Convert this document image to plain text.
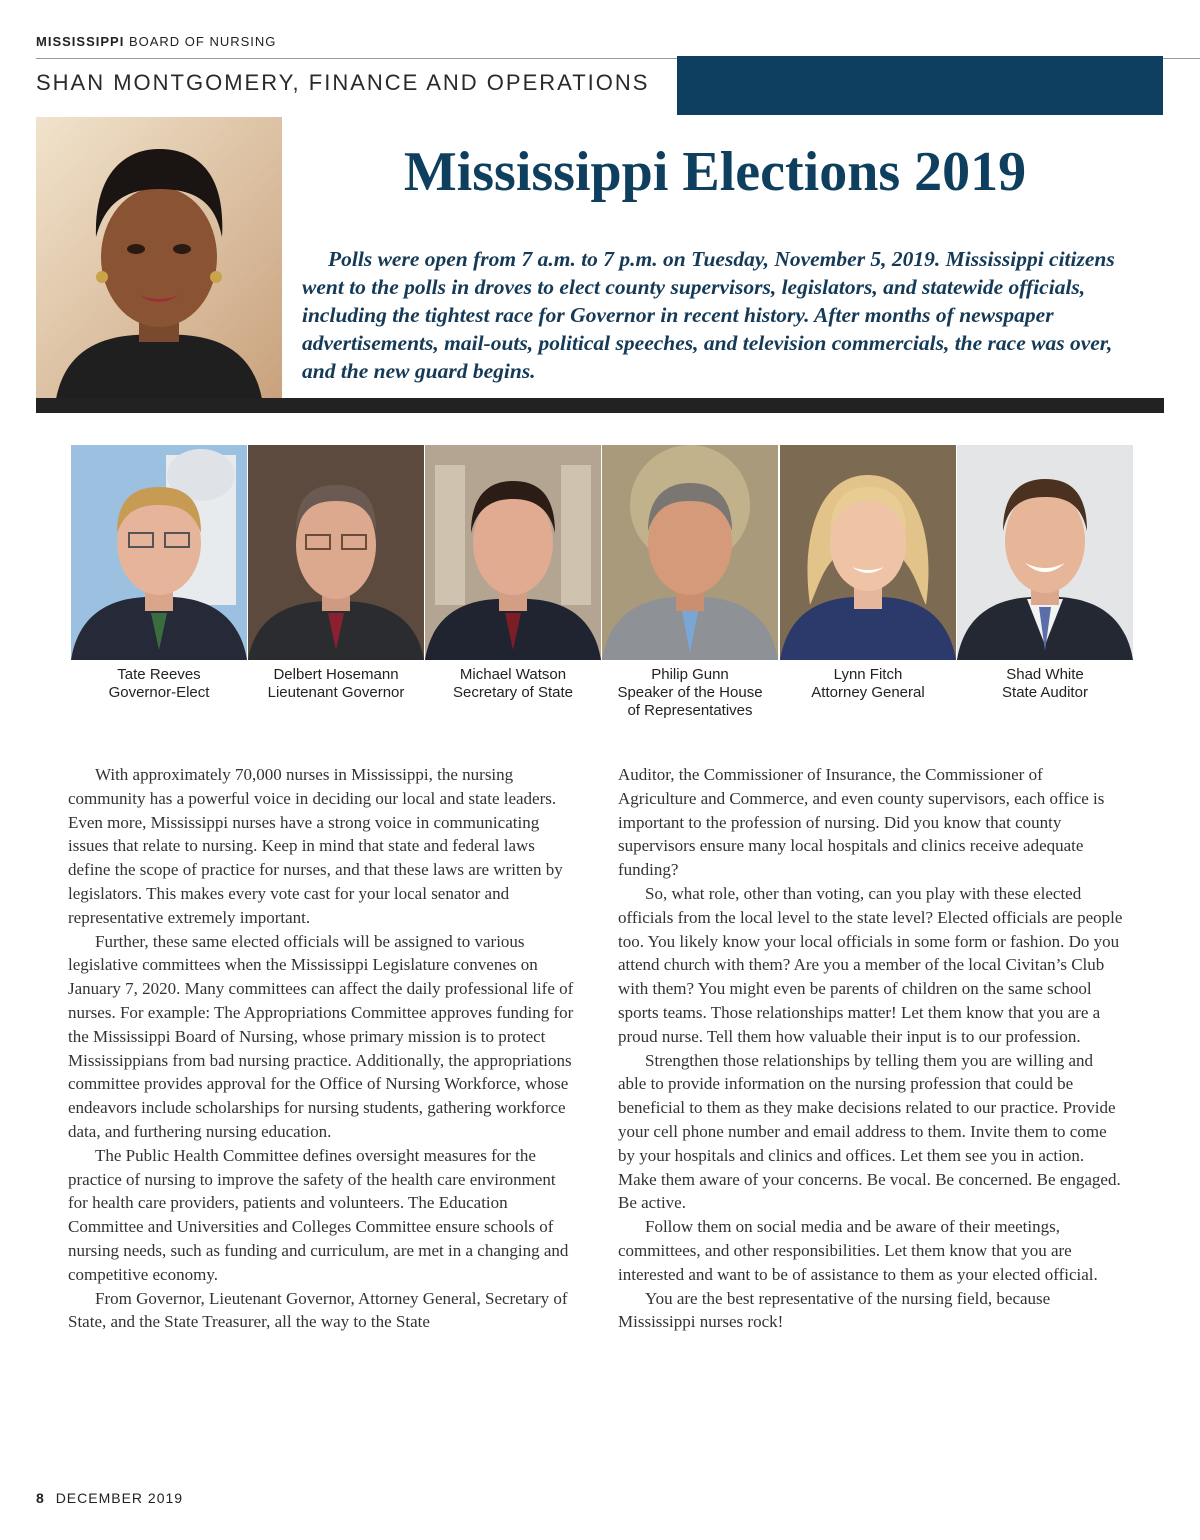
MISSISSIPPI BOARD OF NURSING
SHAN MONTGOMERY, FINANCE AND OPERATIONS
Mississippi Elections 2019

Polls were open from 7 a.m. to 7 p.m. on Tuesday, November 5, 2019. Mississippi citizens went to the polls in droves to elect county supervisors, legislators, and statewide officials, including the tightest race for Governor in recent history. After months of newspaper advertisements, mail-outs, political speeches, and television commercials, the race was over, and the new guard begins.

Tate Reeves
Governor-Elect
Delbert Hosemann
Lieutenant Governor
Michael Watson
Secretary of State
Philip Gunn
Speaker of the House
of Representatives
Lynn Fitch
Attorney General
Shad White
State Auditor

With approximately 70,000 nurses in Mississippi, the nursing community has a powerful voice in deciding our local and state leaders. Even more, Mississippi nurses have a strong voice in communicating issues that relate to nursing. Keep in mind that state and federal laws define the scope of practice for nurses, and that these laws are written by legislators. This makes every vote cast for your local senator and representative extremely important.

Further, these same elected officials will be assigned to various legislative committees when the Mississippi Legislature convenes on January 7, 2020. Many committees can affect the daily professional life of nurses. For example: The Appropriations Committee approves funding for the Mississippi Board of Nursing, whose primary mission is to protect Mississippians from bad nursing practice. Additionally, the appropriations committee provides approval for the Office of Nursing Workforce, whose endeavors include scholarships for nursing students, gathering workforce data, and furthering nursing education.

The Public Health Committee defines oversight measures for the practice of nursing to improve the safety of the health care environment for health care providers, patients and volunteers. The Education Committee and Universities and Colleges Committee ensure schools of nursing needs, such as funding and curriculum, are met in a changing and competitive economy.

From Governor, Lieutenant Governor, Attorney General, Secretary of State, and the State Treasurer, all the way to the State

Auditor, the Commissioner of Insurance, the Commissioner of Agriculture and Commerce, and even county supervisors, each office is important to the profession of nursing. Did you know that county supervisors ensure many local hospitals and clinics receive adequate funding?

So, what role, other than voting, can you play with these elected officials from the local level to the state level? Elected officials are people too. You likely know your local officials in some form or fashion. Do you attend church with them? Are you a member of the local Civitan’s Club with them? You might even be parents of children on the same school sports teams. Those relationships matter! Let them know that you are a proud nurse. Tell them how valuable their input is to our profession.

Strengthen those relationships by telling them you are willing and able to provide information on the nursing profession that could be beneficial to them as they make decisions related to our practice. Provide your cell phone number and email address to them. Invite them to come by your hospitals and clinics and offices. Let them see you in action. Make them aware of your concerns. Be vocal. Be concerned. Be engaged. Be active.

Follow them on social media and be aware of their meetings, committees, and other responsibilities. Let them know that you are interested and want to be of assistance to them as your elected official.

You are the best representative of the nursing field, because Mississippi nurses rock!

8 DECEMBER 2019
